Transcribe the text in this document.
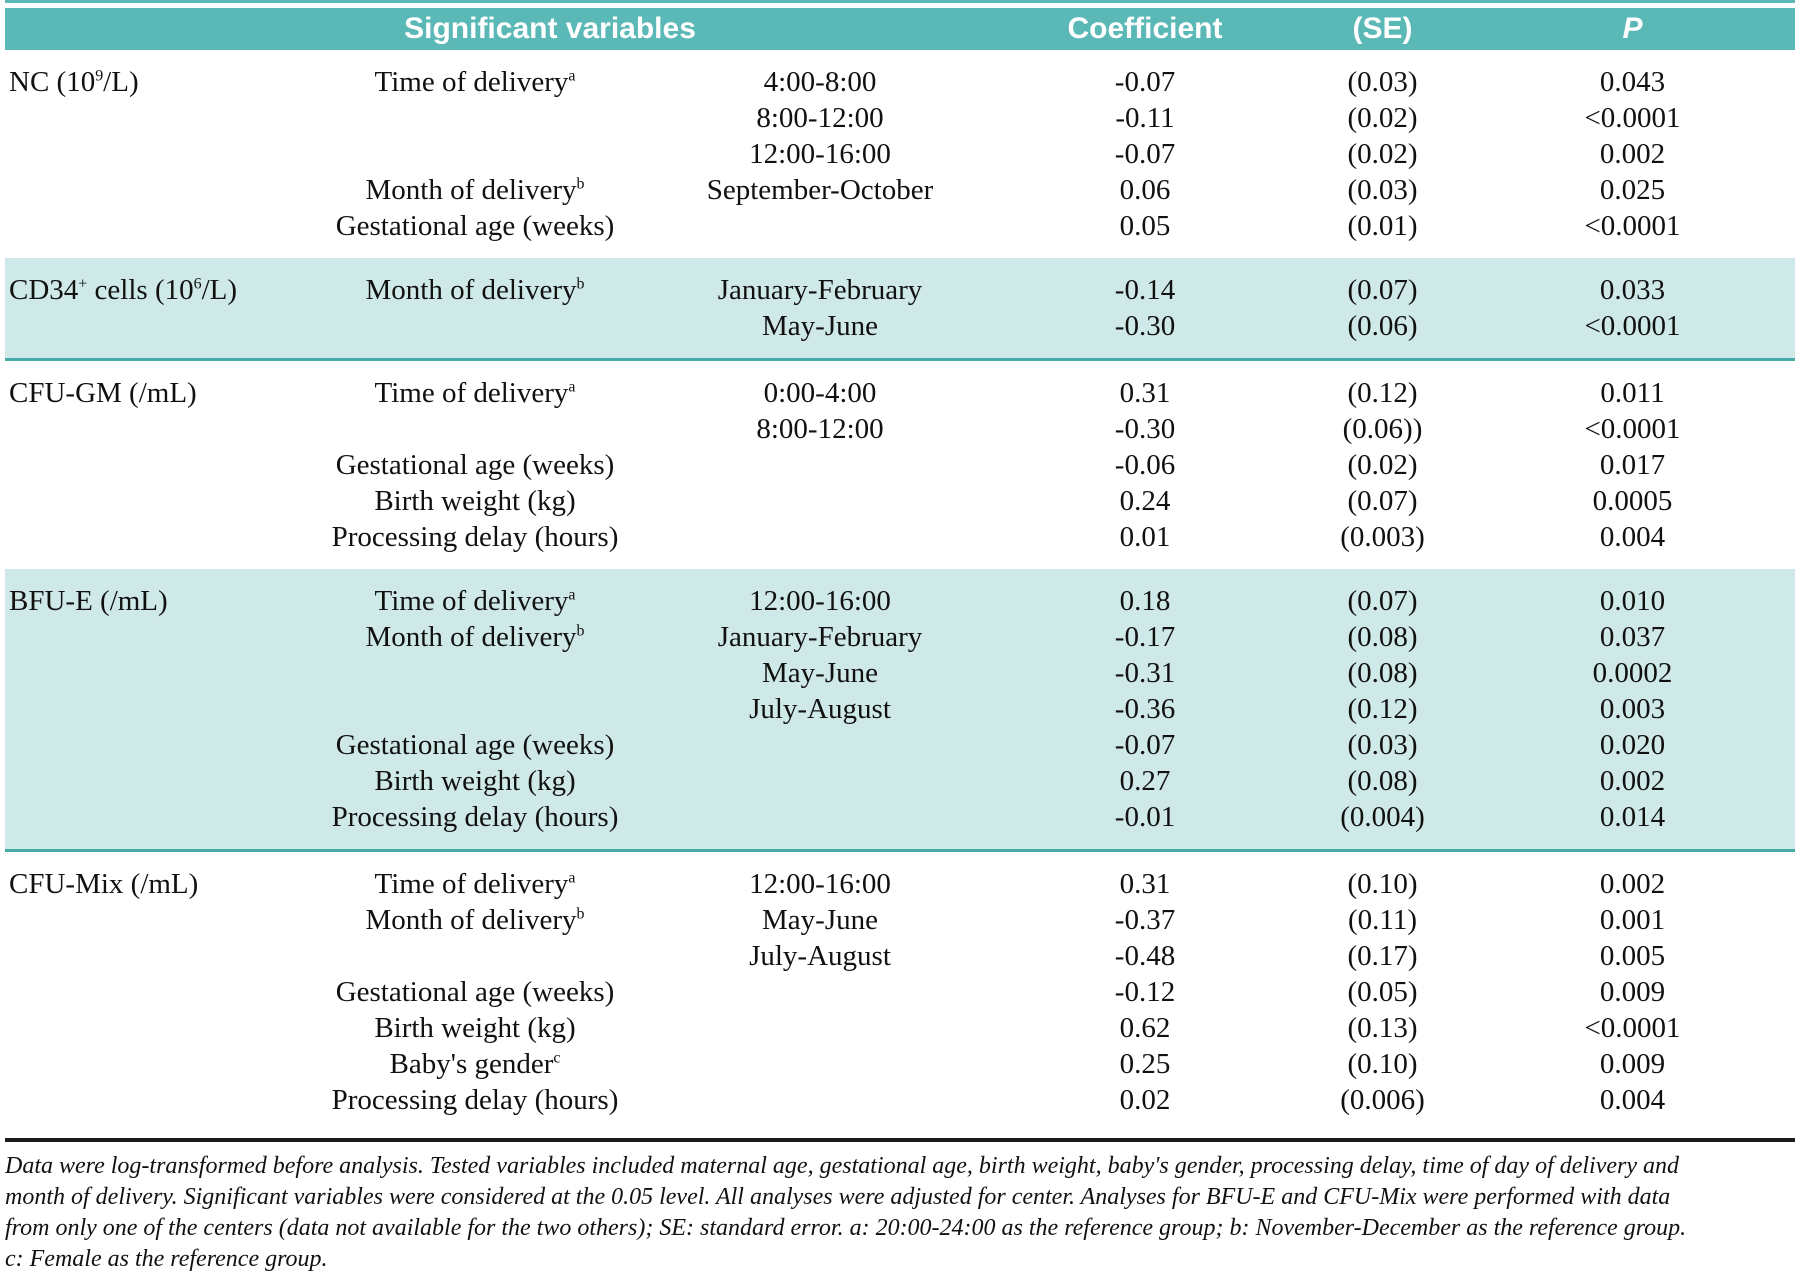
Significant variables			Coefficient	(SE)	P
NC $(10^9/L)$	Time of delivery$^a$	4:00-8:00	-0.07	(0.03)	0.043
		8:00-12:00	-0.11	(0.02)	<0.0001
		12:00-16:00	-0.07	(0.02)	0.002
	Month of delivery$^b$	September-October	0.06	(0.03)	0.025
	Gestational age (weeks)		0.05	(0.01)	<0.0001
CD34+ cells $(10^6/L)$	Month of delivery$^b$	January-February	-0.14	(0.07)	0.033
		May-June	-0.30	(0.06)	<0.0001
CFU-GM (/mL)	Time of delivery$^a$	0:00-4:00	0.31	(0.12)	0.011
		8:00-12:00	-0.30	(0.06))	<0.0001
	Gestational age (weeks)		-0.06	(0.02)	0.017
	Birth weight (kg)		0.24	(0.07)	0.0005
	Processing delay (hours)		0.01	(0.003)	0.004
BFU-E (/mL)	Time of delivery$^a$	12:00-16:00	0.18	(0.07)	0.010
	Month of delivery$^b$	January-February	-0.17	(0.08)	0.037
		May-June	-0.31	(0.08)	0.0002
		July-August	-0.36	(0.12)	0.003
	Gestational age (weeks)		-0.07	(0.03)	0.020
	Birth weight (kg)		0.27	(0.08)	0.002
	Processing delay (hours)		-0.01	(0.004)	0.014
CFU-Mix (/mL)	Time of delivery$^a$	12:00-16:00	0.31	(0.10)	0.002
	Month of delivery$^b$	May-June	-0.37	(0.11)	0.001
		July-August	-0.48	(0.17)	0.005
	Gestational age (weeks)		-0.12	(0.05)	0.009
	Birth weight (kg)		0.62	(0.13)	<0.0001
	Baby's gender$^c$		0.25	(0.10)	0.009
	Processing delay (hours)		0.02	(0.006)	0.004
Data were log-transformed before analysis. Tested variables included maternal age, gestational age, birth weight, baby's gender, processing delay, time of day of delivery and
month of delivery. Significant variables were considered at the 0.05 level. All analyses were adjusted for center. Analyses for BFU-E and CFU-Mix were performed with data
from only one of the centers (data not available for the two others); SE: standard error. a: 20:00-24:00 as the reference group; b: November-December as the reference group.
c: Female as the reference group.
